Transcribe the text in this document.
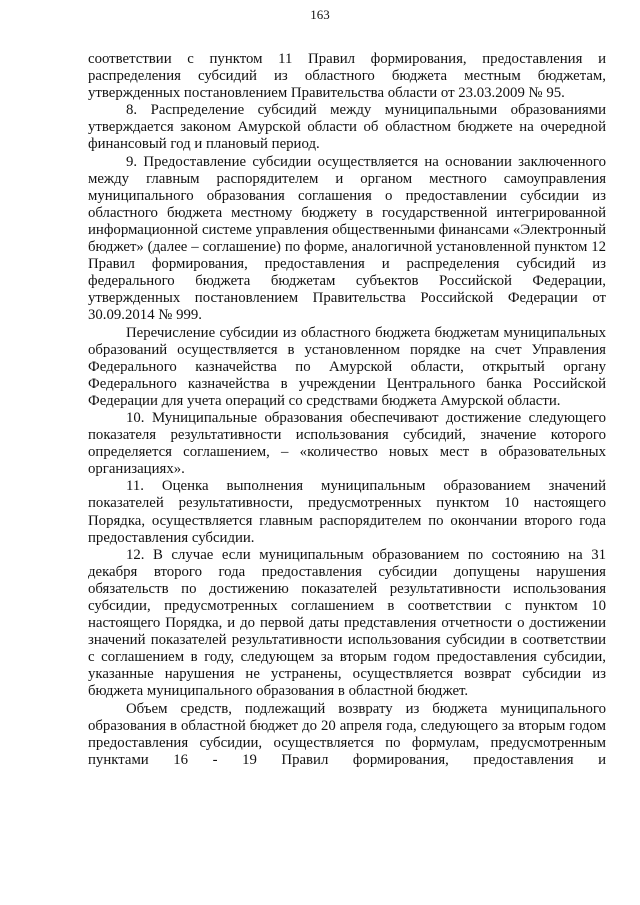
163

соответствии с пунктом 11 Правил формирования, предоставления и распределения субсидий из областного бюджета местным бюджетам, утвержденных постановлением Правительства области от 23.03.2009 № 95.

8. Распределение субсидий между муниципальными образованиями утверждается законом Амурской области об областном бюджете на очередной финансовый год и плановый период.

9. Предоставление субсидии осуществляется на основании заключенного между главным распорядителем и органом местного самоуправления муниципального образования соглашения о предоставлении субсидии из областного бюджета местному бюджету в государственной интегрированной информационной системе управления общественными финансами «Электронный бюджет» (далее – соглашение) по форме, аналогичной установленной пунктом 12 Правил формирования, предоставления и распределения субсидий из федерального бюджета бюджетам субъектов Российской Федерации, утвержденных постановлением Правительства Российской Федерации от 30.09.2014 № 999.

Перечисление субсидии из областного бюджета бюджетам муниципальных образований осуществляется в установленном порядке на счет Управления Федерального казначейства по Амурской области, открытый органу Федерального казначейства в учреждении Центрального банка Российской Федерации для учета операций со средствами бюджета Амурской области.

10. Муниципальные образования обеспечивают достижение следующего показателя результативности использования субсидий, значение которого определяется соглашением, – «количество новых мест в образовательных организациях».

11. Оценка выполнения муниципальным образованием значений показателей результативности, предусмотренных пунктом 10 настоящего Порядка, осуществляется главным распорядителем по окончании второго года предоставления субсидии.

12. В случае если муниципальным образованием по состоянию на 31 декабря второго года предоставления субсидии допущены нарушения обязательств по достижению показателей результативности использования субсидии, предусмотренных соглашением в соответствии с пунктом 10 настоящего Порядка, и до первой даты представления отчетности о достижении значений показателей результативности использования субсидии в соответствии с соглашением в году, следующем за вторым годом предоставления субсидии, указанные нарушения не устранены, осуществляется возврат субсидии из бюджета муниципального образования в областной бюджет.

Объем средств, подлежащий возврату из бюджета муниципального образования в областной бюджет до 20 апреля года, следующего за вторым годом предоставления субсидии, осуществляется по формулам, предусмотренным пунктами 16 - 19 Правил формирования, предоставления и
